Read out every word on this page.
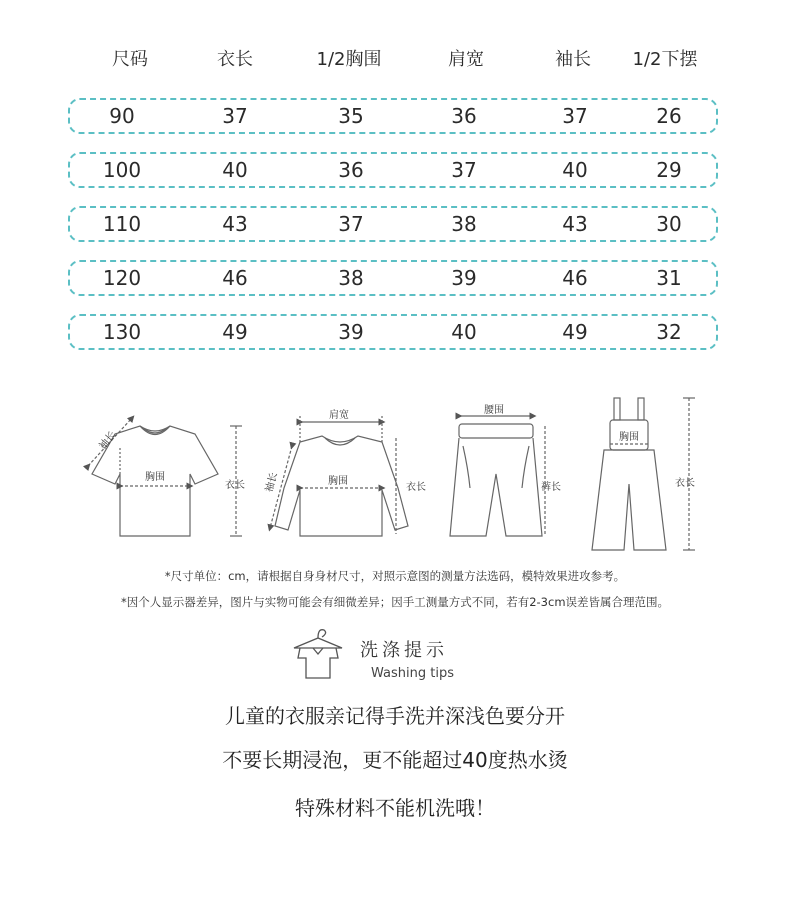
尺码	衣长	1/2胸围	肩宽	袖长 1/2下摆
90	37	35	36	37	26
100	40	36	37	40	29
110	43	37	38	43	30
120	46	38	39	46	31
130	49	39	40	49	32
胸围
衣长
袖长
肩宽
胸围
衣长
袖长
腰围
裤长
胸围
衣长
*尺寸单位：cm，请根据自身身材尺寸，对照示意图的测量方法选码，模特效果进攻参考。
*因个人显示器差异，图片与实物可能会有细微差异；因手工测量方式不同，若有2-3cm误差皆属合理范围。
洗涤提示
Washing tips
儿童的衣服亲记得手洗并深浅色要分开
不要长期浸泡，更不能超过40度热水烫
特殊材料不能机洗哦！
